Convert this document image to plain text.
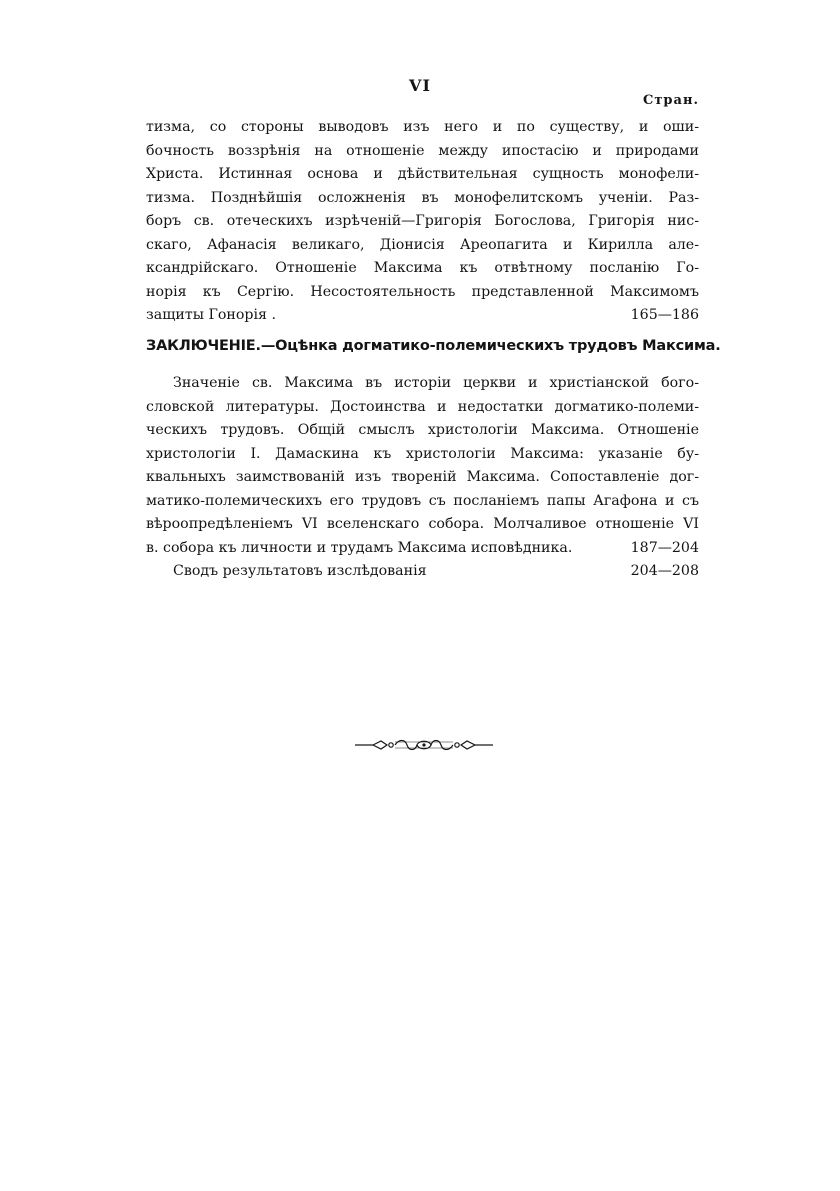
VI
Стран.
тизма, со стороны выводовъ изъ него и по существу, и оши-
бочность воззрѣнія на отношеніе между ипостасію и природами
Христа. Истинная основа и дѣйствительная сущность монофели-
тизма. Позднѣйшія осложненія въ монофелитскомъ ученіи. Раз-
боръ св. отеческихъ изрѣченій—Григорія Богослова, Григорія нис-
скаго, Афанасія великаго, Діонисія Ареопагита и Кирилла але-
ксандрійскаго. Отношеніе Максима къ отвѣтному посланію Го-
норія къ Сергію. Несостоятельность представленной Максимомъ
защиты Гонорія .	165—186
ЗАКЛЮЧЕНІЕ.—Оцѣнка догматико-полемическихъ трудовъ Максима.
Значеніе св. Максима въ исторіи церкви и христіанской бого-
словской литературы. Достоинства и недостатки догматико-полеми-
ческихъ трудовъ. Общій смыслъ христологіи Максима. Отношеніе
христологіи І. Дамаскина къ христологіи Максима: указаніе бу-
квальныхъ заимствованій изъ твореній Максима. Сопоставленіе дог-
матико-полемическихъ его трудовъ съ посланіемъ папы Агафона и съ
вѣроопредѣленіемъ VI вселенскаго собора. Молчаливое отношеніе VI
в. собора къ личности и трудамъ Максима исповѣдника.	187—204
Сводъ результатовъ изслѣдованія	204—208
